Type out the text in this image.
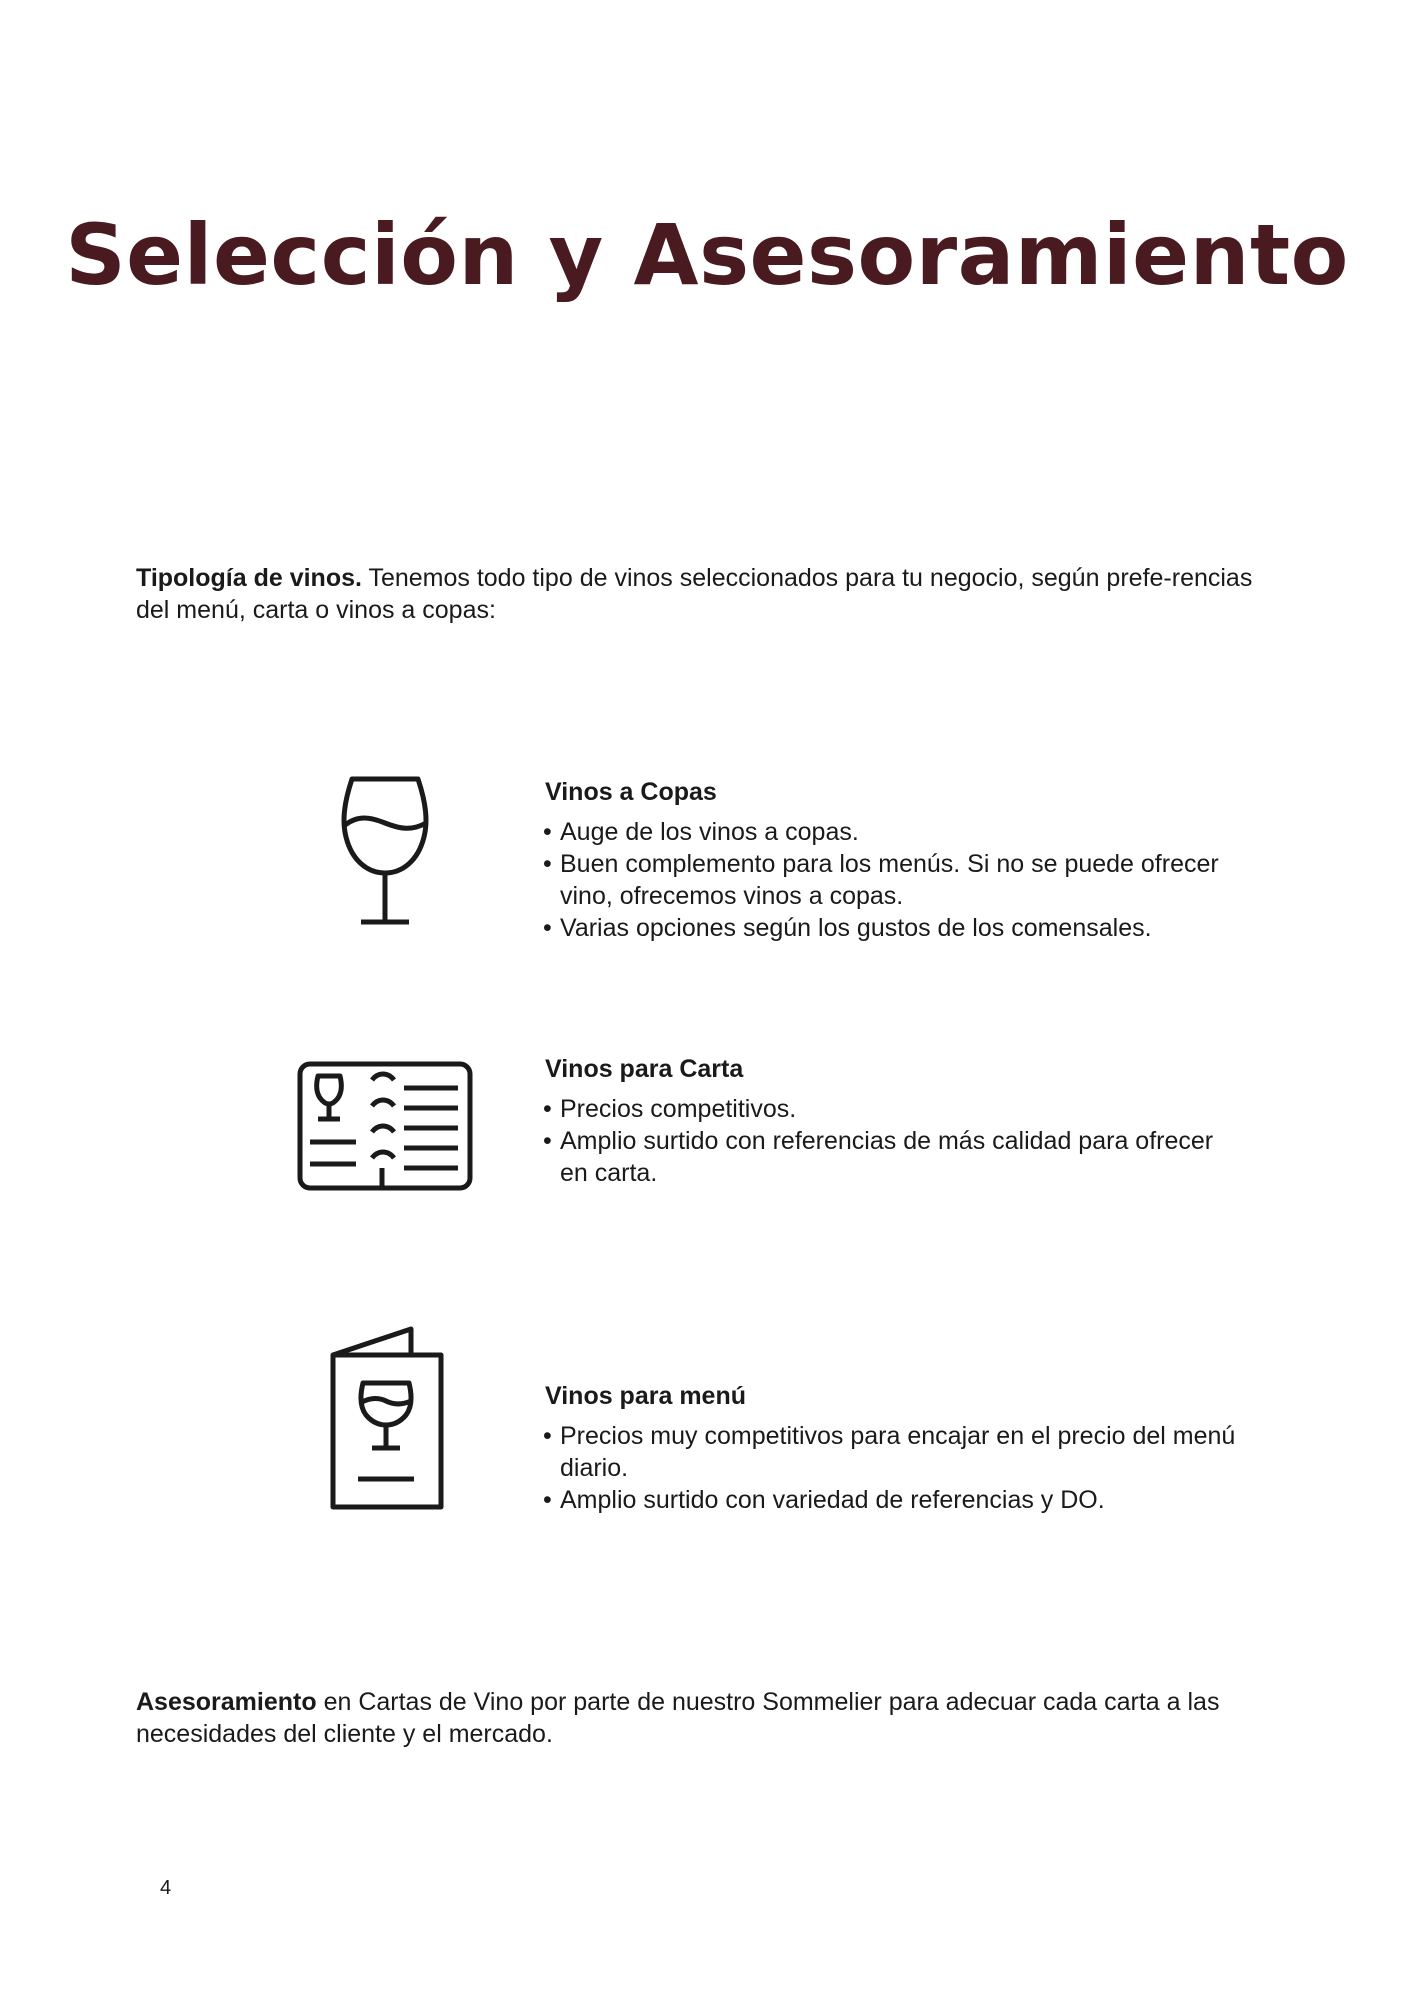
Selección y Asesoramiento

Tipología de vinos. Tenemos todo tipo de vinos seleccionados para tu negocio, según prefe-rencias del menú, carta o vinos a copas:

Vinos a Copas

• Auge de los vinos a copas.
• Buen complemento para los menús. Si no se puede ofrecer vino, ofrecemos vinos a copas.
• Varias opciones según los gustos de los comensales.

Vinos para Carta

• Precios competitivos.
• Amplio surtido con referencias de más calidad para ofrecer en carta.

Vinos para menú

• Precios muy competitivos para encajar en el precio del menú diario.
• Amplio surtido con variedad de referencias y DO.

Asesoramiento en Cartas de Vino por parte de nuestro Sommelier para adecuar cada carta a las necesidades del cliente y el mercado.

4
